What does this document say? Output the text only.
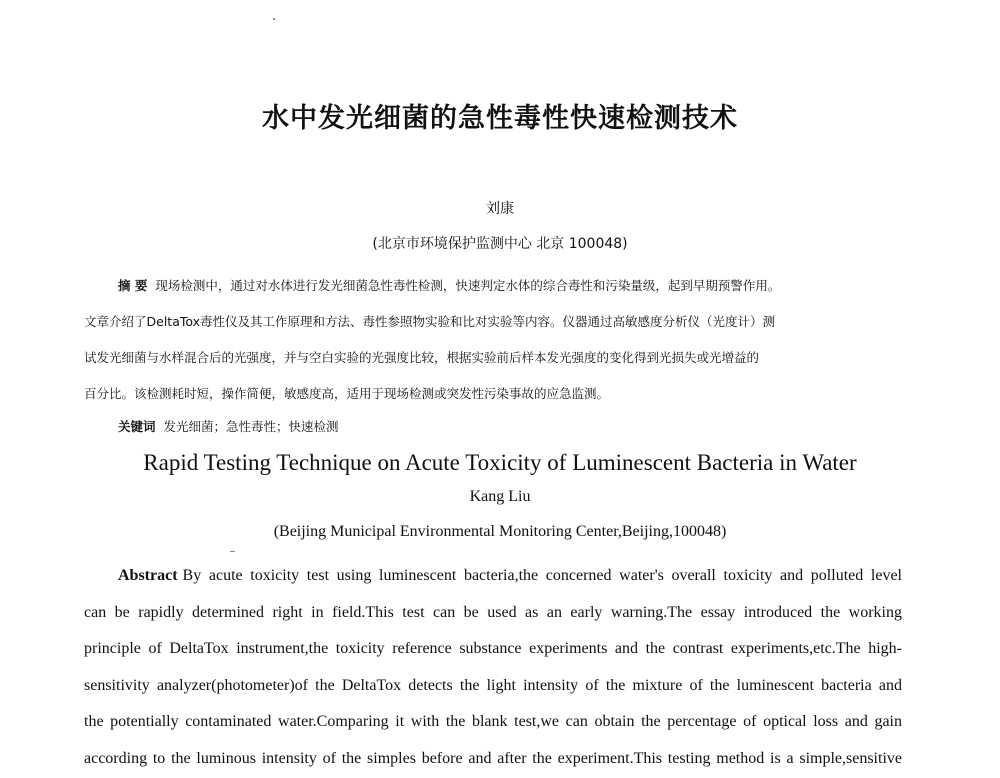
水中发光细菌的急性毒性快速检测技术
刘康
(北京市环境保护监测中心 北京 100048)
摘 要 现场检测中，通过对水体进行发光细菌急性毒性检测，快速判定水体的综合毒性和污染量级，起到早期预警作用。
文章介绍了DeltaTox毒性仪及其工作原理和方法、毒性参照物实验和比对实验等内容。仪器通过高敏感度分析仪（光度计）测
试发光细菌与水样混合后的光强度，并与空白实验的光强度比较，根据实验前后样本发光强度的变化得到光损失或光增益的
百分比。该检测耗时短，操作简便，敏感度高，适用于现场检测或突发性污染事故的应急监测。
关键词 发光细菌；急性毒性；快速检测
Rapid Testing Technique on Acute Toxicity of Luminescent Bacteria in Water
Kang Liu
(Beijing Municipal Environmental Monitoring Center,Beijing,100048)
Abstract By acute toxicity test using luminescent bacteria,the concerned water's overall toxicity and polluted level
can be rapidly determined right in field.This test can be used as an early warning.The essay introduced the working
principle of DeltaTox instrument,the toxicity reference substance experiments and the contrast experiments,etc.The high-
sensitivity analyzer(photometer)of the DeltaTox detects the light intensity of the mixture of the luminescent bacteria and
the potentially contaminated water.Comparing it with the blank test,we can obtain the percentage of optical loss and gain
according to the luminous intensity of the simples before and after the experiment.This testing method is a simple,sensitive
